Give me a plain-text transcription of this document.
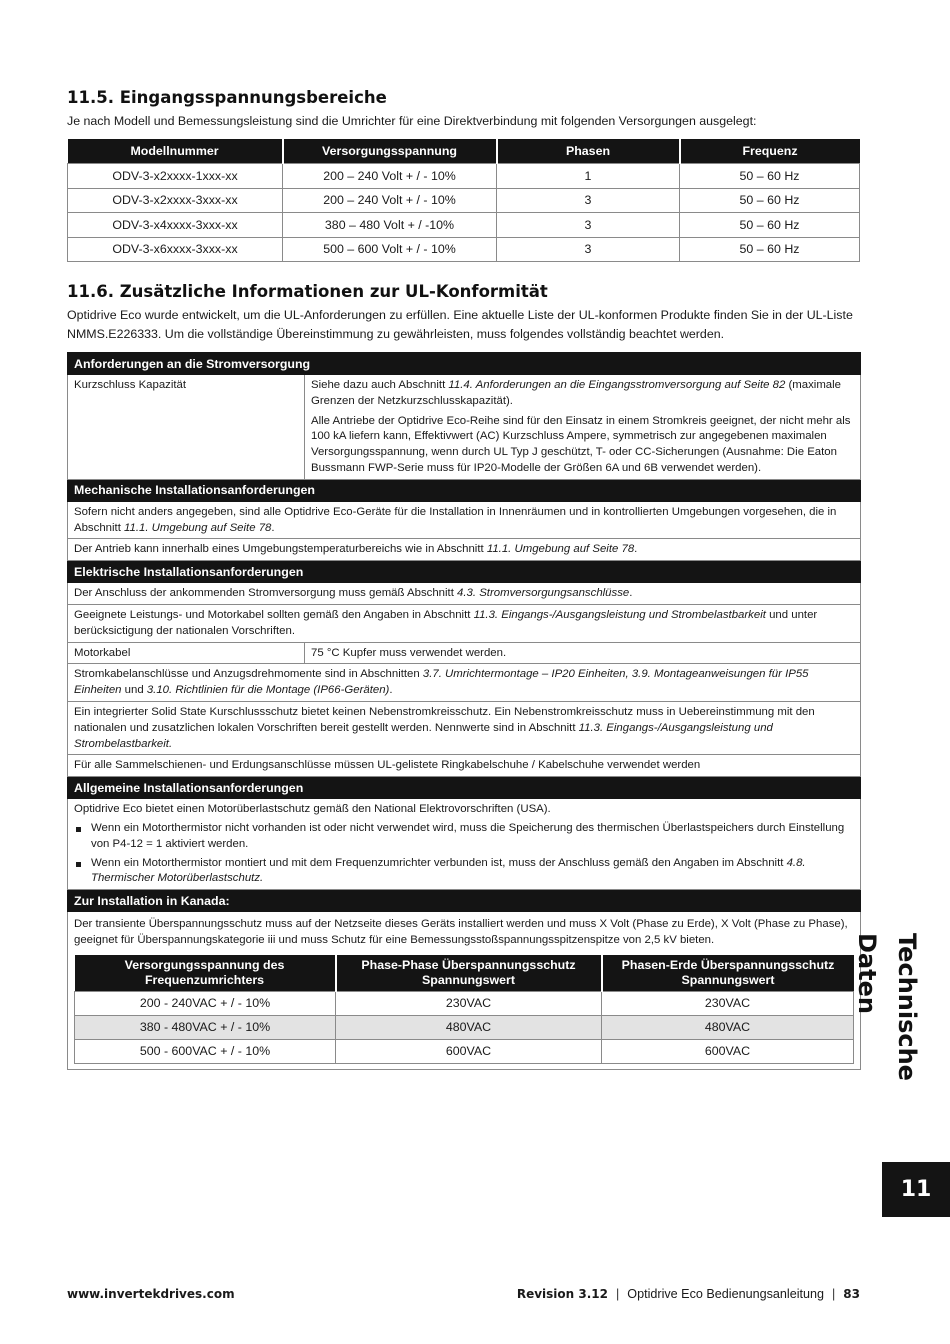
11.5. Eingangsspannungsbereiche

Je nach Modell und Bemessungsleistung sind die Umrichter für eine Direktverbindung mit folgenden Versorgungen ausgelegt:

Modellnummer	Versorgungsspannung	Phasen	Frequenz
ODV-3-x2xxxx-1xxx-xx	200 – 240 Volt + / - 10%	1	50 – 60 Hz
ODV-3-x2xxxx-3xxx-xx	200 – 240 Volt + / - 10%	3	50 – 60 Hz
ODV-3-x4xxxx-3xxx-xx	380 – 480 Volt + / -10%	3	50 – 60 Hz
ODV-3-x6xxxx-3xxx-xx	500 – 600 Volt + / - 10%	3	50 – 60 Hz
11.6. Zusätzliche Informationen zur UL-Konformität

Optidrive Eco wurde entwickelt, um die UL-Anforderungen zu erfüllen. Eine aktuelle Liste der UL-konformen Produkte finden Sie in der UL-Liste NMMS.E226333. Um die vollständige Übereinstimmung zu gewährleisten, muss folgendes vollständig beachtet werden.

Anforderungen an die Stromversorgung
Kurzschluss Kapazität	Siehe dazu auch Abschnitt 11.4. Anforderungen an die Eingangsstromversorgung auf Seite 82 (maximale Grenzen der Netzkurzschlusskapazität).
Alle Antriebe der Optidrive Eco-Reihe sind für den Einsatz in einem Stromkreis geeignet, der nicht mehr als 100 kA liefern kann, Effektivwert (AC) Kurzschluss Ampere, symmetrisch zur angegebenen maximalen Versorgungsspannung, wenn durch UL Typ J geschützt, T- oder CC-Sicherungen (Ausnahme: Die Eaton Bussmann FWP-Serie muss für IP20-Modelle der Größen 6A und 6B verwendet werden).

Mechanische Installationsanforderungen
Sofern nicht anders angegeben, sind alle Optidrive Eco-Geräte für die Installation in Innenräumen und in kontrollierten Umgebungen vorgesehen, die in Abschnitt 11.1. Umgebung auf Seite 78.
Der Antrieb kann innerhalb eines Umgebungstemperaturbereichs wie in Abschnitt 11.1. Umgebung auf Seite 78.
Elektrische Installationsanforderungen
Der Anschluss der ankommenden Stromversorgung muss gemäß Abschnitt 4.3. Stromversorgungsanschlüsse.
Geeignete Leistungs- und Motorkabel sollten gemäß den Angaben in Abschnitt 11.3. Eingangs-/Ausgangsleistung und Strombelastbarkeit und unter berücksictigung der nationalen Vorschriften.
Motorkabel	75 °C Kupfer muss verwendet werden.
Stromkabelanschlüsse und Anzugsdrehmomente sind in Abschnitten 3.7. Umrichtermontage – IP20 Einheiten, 3.9. Montageanweisungen für IP55 Einheiten und 3.10. Richtlinien für die Montage (IP66-Geräten).
Ein integrierter Solid State Kurschlussschutz bietet keinen Nebenstromkreisschutz. Ein Nebenstromkreisschutz muss in Uebereinstimmung mit den nationalen und zusatzlichen lokalen Vorschriften bereit gestellt werden. Nennwerte sind in Abschnitt 11.3. Eingangs-/Ausgangsleistung und Strombelastbarkeit.
Für alle Sammelschienen- und Erdungsanschlüsse müssen UL-gelistete Ringkabelschuhe / Kabelschuhe verwendet werden
Allgemeine Installationsanforderungen

Optidrive Eco bietet einen Motorüberlastschutz gemäß den National Elektrovorschriften (USA).
Wenn ein Motorthermistor nicht vorhanden ist oder nicht verwendet wird, muss die Speicherung des thermischen Überlastspeichers durch Einstellung von P4-12 = 1 aktiviert werden.
Wenn ein Motorthermistor montiert und mit dem Frequenzumrichter verbunden ist, muss der Anschluss gemäß den Angaben im Abschnitt 4.8. Thermischer Motorüberlastschutz.

Zur Installation in Kanada:

Der transiente Überspannungsschutz muss auf der Netzseite dieses Geräts installiert werden und muss X Volt (Phase zu Erde), X Volt (Phase zu Phase), geeignet für Überspannungskategorie iii und muss Schutz für eine Bemessungsstoßspannungsspitzenspitze von 2,5 kV bieten.
Versorgungsspannung des Frequenzumrichters	Phase-Phase Überspannungsschutz Spannungswert	Phasen-Erde Überspannungsschutz Spannungswert
200 - 240VAC + / - 10%	230VAC	230VAC
380 - 480VAC + / - 10%	480VAC	480VAC
500 - 600VAC + / - 10%	600VAC	600VAC	Technische Daten
11
www.invertekdrives.com	Revision 3.12 | Optidrive Eco Bedienungsanleitung | 83
